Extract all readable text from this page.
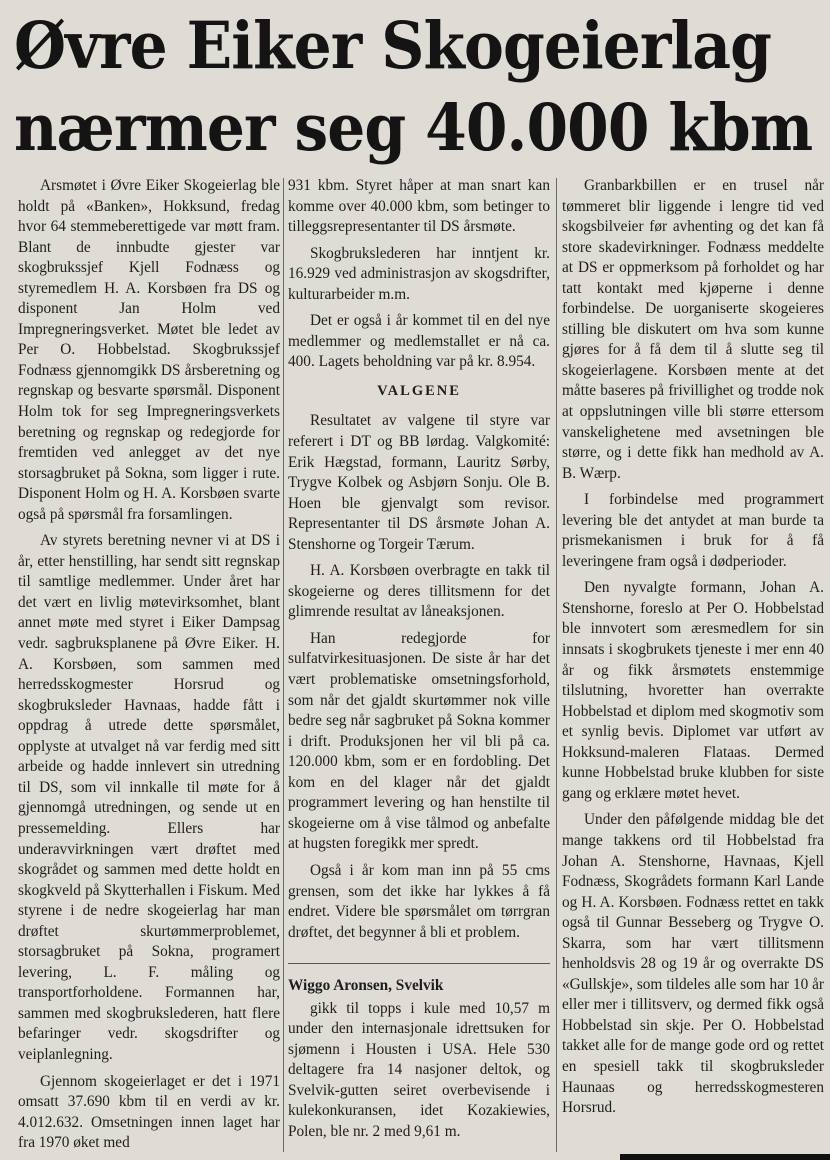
Øvre Eiker Skogeierlag
nærmer seg 40.000 kbm

Arsmøtet i Øvre Eiker Skogeierlag ble holdt på «Banken», Hokksund, fredag hvor 64 stemmeberettigede var møtt fram. Blant de innbudte gjester var skogbrukssjef Kjell Fodnæss og styremedlem H. A. Korsbøen fra DS og disponent Jan Holm ved Impregneringsverket. Møtet ble ledet av Per O. Hobbelstad. Skogbrukssjef Fodnæss gjennomgikk DS årsberetning og regnskap og besvarte spørsmål. Disponent Holm tok for seg Impregneringsverkets beretning og regnskap og redegjorde for fremtiden ved anlegget av det nye storsagbruket på Sokna, som ligger i rute. Disponent Holm og H. A. Korsbøen svarte også på spørsmål fra forsamlingen.

Av styrets beretning nevner vi at DS i år, etter henstilling, har sendt sitt regnskap til samtlige medlemmer. Under året har det vært en livlig møtevirksomhet, blant annet møte med styret i Eiker Dampsag vedr. sagbruksplanene på Øvre Eiker. H. A. Korsbøen, som sammen med herredsskogmester Horsrud og skogbruksleder Havnaas, hadde fått i oppdrag å utrede dette spørsmålet, opplyste at utvalget nå var ferdig med sitt arbeide og hadde innlevert sin utredning til DS, som vil innkalle til møte for å gjennomgå utredningen, og sende ut en pressemelding. Ellers har underavvirkningen vært drøftet med skogrådet og sammen med dette holdt en skogkveld på Skytterhallen i Fiskum. Med styrene i de nedre skogeierlag har man drøftet skurtømmerproblemet, storsagbruket på Sokna, programert levering, L. F. måling og transportforholdene. Formannen har, sammen med skogbrukslederen, hatt flere befaringer vedr. skogsdrifter og veiplanlegning.

Gjennom skogeierlaget er det i 1971 omsatt 37.690 kbm til en verdi av kr. 4.012.632. Omsetningen innen laget har fra 1970 øket med

931 kbm. Styret håper at man snart kan komme over 40.000 kbm, som betinger to tilleggsrepresentanter til DS årsmøte.

Skogbrukslederen har inntjent kr. 16.929 ved administrasjon av skogsdrifter, kulturarbeider m.m.

Det er også i år kommet til en del nye medlemmer og medlemstallet er nå ca. 400. Lagets beholdning var på kr. 8.954.

VALGENE

Resultatet av valgene til styre var referert i DT og BB lørdag. Valgkomité: Erik Hægstad, formann, Lauritz Sørby, Trygve Kolbek og Asbjørn Sonju. Ole B. Hoen ble gjenvalgt som revisor. Representanter til DS årsmøte Johan A. Stenshorne og Torgeir Tærum.

H. A. Korsbøen overbragte en takk til skogeierne og deres tillitsmenn for det glimrende resultat av låneaksjonen.

Han redegjorde for sulfatvirkesituasjonen. De siste år har det vært problematiske omsetningsforhold, som når det gjaldt skurtømmer nok ville bedre seg når sagbruket på Sokna kommer i drift. Produksjonen her vil bli på ca. 120.000 kbm, som er en fordobling. Det kom en del klager når det gjaldt programmert levering og han henstilte til skogeierne om å vise tålmod og anbefalte at hugsten foregikk mer spredt.

Også i år kom man inn på 55 cms grensen, som det ikke har lykkes å få endret. Videre ble spørsmålet om tørrgran drøftet, det begynner å bli et problem.

Wiggo Aronsen, Svelvik

gikk til topps i kule med 10,57 m under den internasjonale idrettsuken for sjømenn i Housten i USA. Hele 530 deltagere fra 14 nasjoner deltok, og Svelvik-gutten seiret overbevisende i kulekonkuransen, idet Kozakiewies, Polen, ble nr. 2 med 9,61 m.

Granbarkbillen er en trusel når tømmeret blir liggende i lengre tid ved skogsbilveier før avhenting og det kan få store skadevirkninger. Fodnæss meddelte at DS er oppmerksom på forholdet og har tatt kontakt med kjøperne i denne forbindelse. De uorganiserte skogeieres stilling ble diskutert om hva som kunne gjøres for å få dem til å slutte seg til skogeierlagene. Korsbøen mente at det måtte baseres på frivillighet og trodde nok at oppslutningen ville bli større ettersom vanskelighetene med avsetningen ble større, og i dette fikk han medhold av A. B. Wærp.

I forbindelse med programmert levering ble det antydet at man burde ta prismekanismen i bruk for å få leveringene fram også i dødperioder.

Den nyvalgte formann, Johan A. Stenshorne, foreslo at Per O. Hobbelstad ble innvotert som æresmedlem for sin innsats i skogbrukets tjeneste i mer enn 40 år og fikk årsmøtets enstemmige tilslutning, hvoretter han overrakte Hobbelstad et diplom med skogmotiv som et synlig bevis. Diplomet var utført av Hokksund-maleren Flataas. Dermed kunne Hobbelstad bruke klubben for siste gang og erklære møtet hevet.

Under den påfølgende middag ble det mange takkens ord til Hobbelstad fra Johan A. Stenshorne, Havnaas, Kjell Fodnæss, Skogrådets formann Karl Lande og H. A. Korsbøen. Fodnæss rettet en takk også til Gunnar Besseberg og Trygve O. Skarra, som har vært tillitsmenn henholdsvis 28 og 19 år og overrakte DS «Gullskje», som tildeles alle som har 10 år eller mer i tillitsverv, og dermed fikk også Hobbelstad sin skje. Per O. Hobbelstad takket alle for de mange gode ord og rettet en spesiell takk til skogbruksleder Haunaas og herredsskogmesteren Horsrud.
